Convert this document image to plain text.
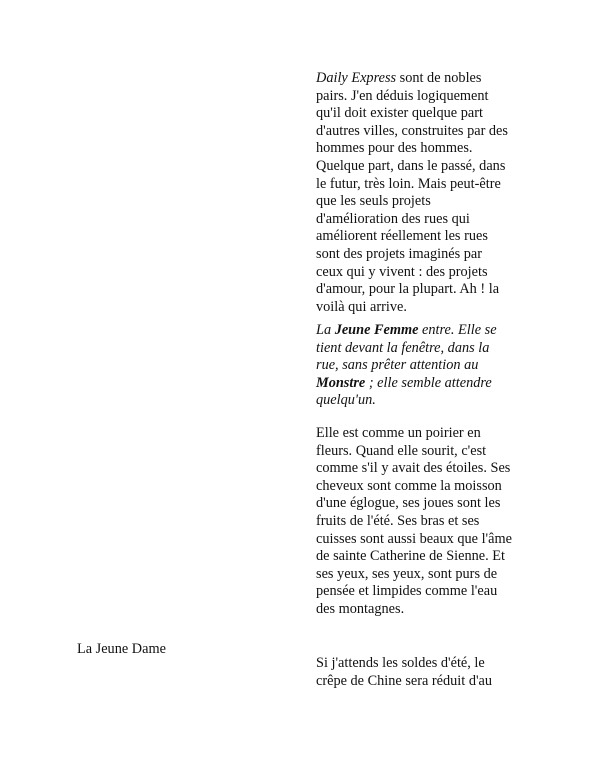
Daily Express sont de nobles pairs. J'en déduis logiquement qu'il doit exister quelque part d'autres villes, construites par des hommes pour des hommes. Quelque part, dans le passé, dans le futur, très loin. Mais peut-être que les seuls projets d'amélioration des rues qui améliorent réellement les rues sont des projets imaginés par ceux qui y vivent : des projets d'amour, pour la plupart. Ah ! la voilà qui arrive.

La Jeune Femme entre. Elle se tient devant la fenêtre, dans la rue, sans prêter attention au Monstre ; elle semble attendre quelqu'un.

Elle est comme un poirier en fleurs. Quand elle sourit, c'est comme s'il y avait des étoiles. Ses cheveux sont comme la moisson d'une églogue, ses joues sont les fruits de l'été. Ses bras et ses cuisses sont aussi beaux que l'âme de sainte Catherine de Sienne. Et ses yeux, ses yeux, sont purs de pensée et limpides comme l'eau des montagnes.

La Jeune Dame

Si j'attends les soldes d'été, le crêpe de Chine sera réduit d'au
